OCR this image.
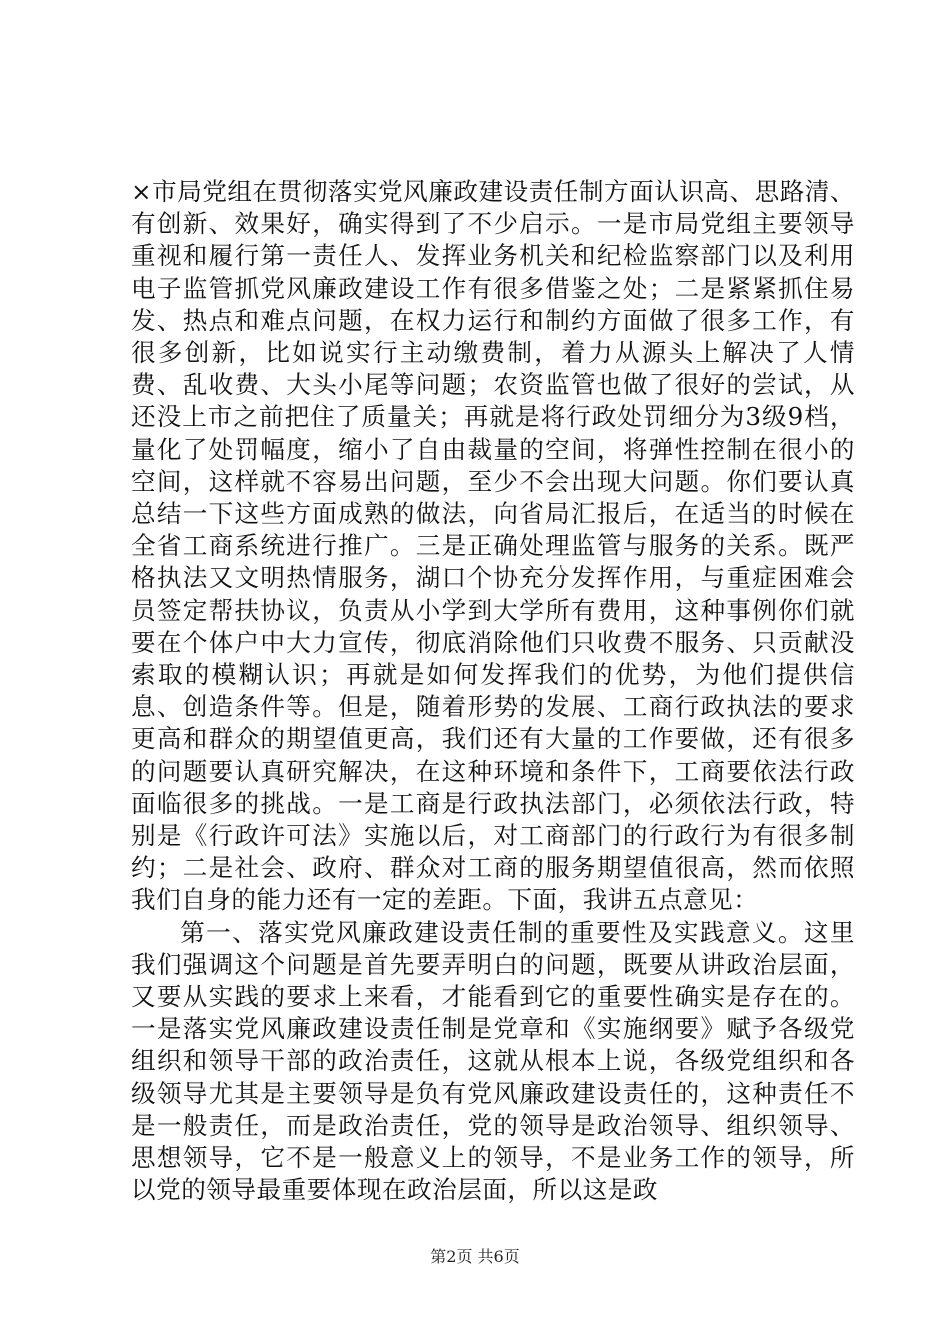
×市局党组在贯彻落实党风廉政建设责任制方面认识高、思路清、有创新、效果好，确实得到了不少启示。一是市局党组主要领导重视和履行第一责任人、发挥业务机关和纪检监察部门以及利用电子监管抓党风廉政建设工作有很多借鉴之处；二是紧紧抓住易发、热点和难点问题，在权力运行和制约方面做了很多工作，有很多创新，比如说实行主动缴费制，着力从源头上解决了人情费、乱收费、大头小尾等问题；农资监管也做了很好的尝试，从还没上市之前把住了质量关；再就是将行政处罚细分为3级9档，量化了处罚幅度，缩小了自由裁量的空间，将弹性控制在很小的空间，这样就不容易出问题，至少不会出现大问题。你们要认真总结一下这些方面成熟的做法，向省局汇报后，在适当的时候在全省工商系统进行推广。三是正确处理监管与服务的关系。既严格执法又文明热情服务，湖口个协充分发挥作用，与重症困难会员签定帮扶协议，负责从小学到大学所有费用，这种事例你们就要在个体户中大力宣传，彻底消除他们只收费不服务、只贡献没索取的模糊认识；再就是如何发挥我们的优势，为他们提供信息、创造条件等。但是，随着形势的发展、工商行政执法的要求更高和群众的期望值更高，我们还有大量的工作要做，还有很多的问题要认真研究解决，在这种环境和条件下，工商要依法行政面临很多的挑战。一是工商是行政执法部门，必须依法行政，特别是《行政许可法》实施以后，对工商部门的行政行为有很多制约；二是社会、政府、群众对工商的服务期望值很高，然而依照我们自身的能力还有一定的差距。下面，我讲五点意见：

第一、落实党风廉政建设责任制的重要性及实践意义。这里我们强调这个问题是首先要弄明白的问题，既要从讲政治层面，又要从实践的要求上来看，才能看到它的重要性确实是存在的。一是落实党风廉政建设责任制是党章和《实施纲要》赋予各级党组织和领导干部的政治责任，这就从根本上说，各级党组织和各级领导尤其是主要领导是负有党风廉政建设责任的，这种责任不是一般责任，而是政治责任，党的领导是政治领导、组织领导、思想领导，它不是一般意义上的领导，不是业务工作的领导，所以党的领导最重要体现在政治层面，所以这是政

第2页 共6页
